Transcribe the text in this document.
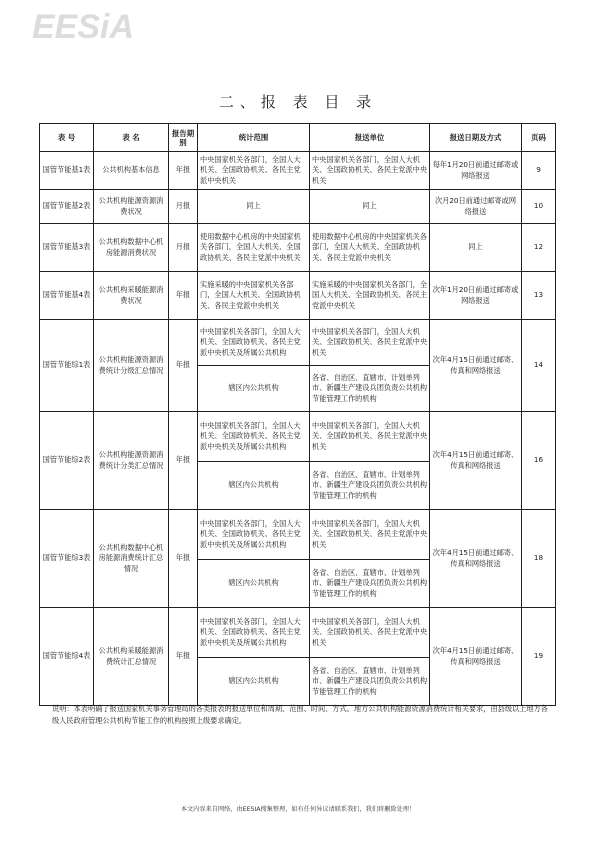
EESiA
二、报 表 目 录
表 号	表 名	报告期别	统计范围	报送单位	报送日期及方式	页码
国管节能基1表	公共机构基本信息	年报	中央国家机关各部门，全国人大机关、全国政协机关、各民主党派中央机关	中央国家机关各部门，全国人大机关、全国政协机关、各民主党派中央机关	每年1月20日前通过邮寄或网络报送	9
国管节能基2表	公共机构能源资源消费状况	月报	同上	同上	次月20日前通过邮寄或网络报送	10
国管节能基3表	公共机构数据中心机房能源消费状况	月报	使用数据中心机房的中央国家机关各部门，全国人大机关、全国政协机关、各民主党派中央机关	使用数据中心机房的中央国家机关各部门，全国人大机关、全国政协机关、各民主党派中央机关	同上	12
国管节能基4表	公共机构采暖能源消费状况	年报	实施采暖的中央国家机关各部门，全国人大机关、全国政协机关、各民主党派中央机关	实施采暖的中央国家机关各部门，全国人大机关、全国政协机关、各民主党派中央机关	次年1月20日前通过邮寄或网络报送	13
国管节能综1表	公共机构能源资源消费统计分级汇总情况	年报	中央国家机关各部门，全国人大机关、全国政协机关、各民主党派中央机关及所属公共机构	中央国家机关各部门，全国人大机关、全国政协机关、各民主党派中央机关	次年4月15日前通过邮寄、传真和网络报送	14
			辖区内公共机构	各省、自治区、直辖市、计划单列市、新疆生产建设兵团负责公共机构节能管理工作的机构		
国管节能综2表	公共机构能源资源消费统计分类汇总情况	年报	中央国家机关各部门，全国人大机关、全国政协机关、各民主党派中央机关及所属公共机构	中央国家机关各部门，全国人大机关、全国政协机关、各民主党派中央机关	次年4月15日前通过邮寄、传真和网络报送	16
			辖区内公共机构	各省、自治区、直辖市、计划单列市、新疆生产建设兵团负责公共机构节能管理工作的机构		
国管节能综3表	公共机构数据中心机房能源消费统计汇总情况	年报	中央国家机关各部门，全国人大机关、全国政协机关、各民主党派中央机关及所属公共机构	中央国家机关各部门，全国人大机关、全国政协机关、各民主党派中央机关	次年4月15日前通过邮寄、传真和网络报送	18
			辖区内公共机构	各省、自治区、直辖市、计划单列市、新疆生产建设兵团负责公共机构节能管理工作的机构		
国管节能综4表	公共机构采暖能源消费统计汇总情况	年报	中央国家机关各部门，全国人大机关、全国政协机关、各民主党派中央机关及所属公共机构	中央国家机关各部门，全国人大机关、全国政协机关、各民主党派中央机关	次年4月15日前通过邮寄、传真和网络报送	19
			辖区内公共机构	各省、自治区、直辖市、计划单列市、新疆生产建设兵团负责公共机构节能管理工作的机构		
说明：本表明确了报送国家机关事务管理局的各类报表的报送单位和周期、范围、时间、方式。地方公共机构能源资源消费统计相关要求，由县级以上地方各级人民政府管理公共机构节能工作的机构按照上级要求确定。
本文内容来自网络，由EESIA搜集整理，如有任何异议请联系我们，我们将删除处理！
